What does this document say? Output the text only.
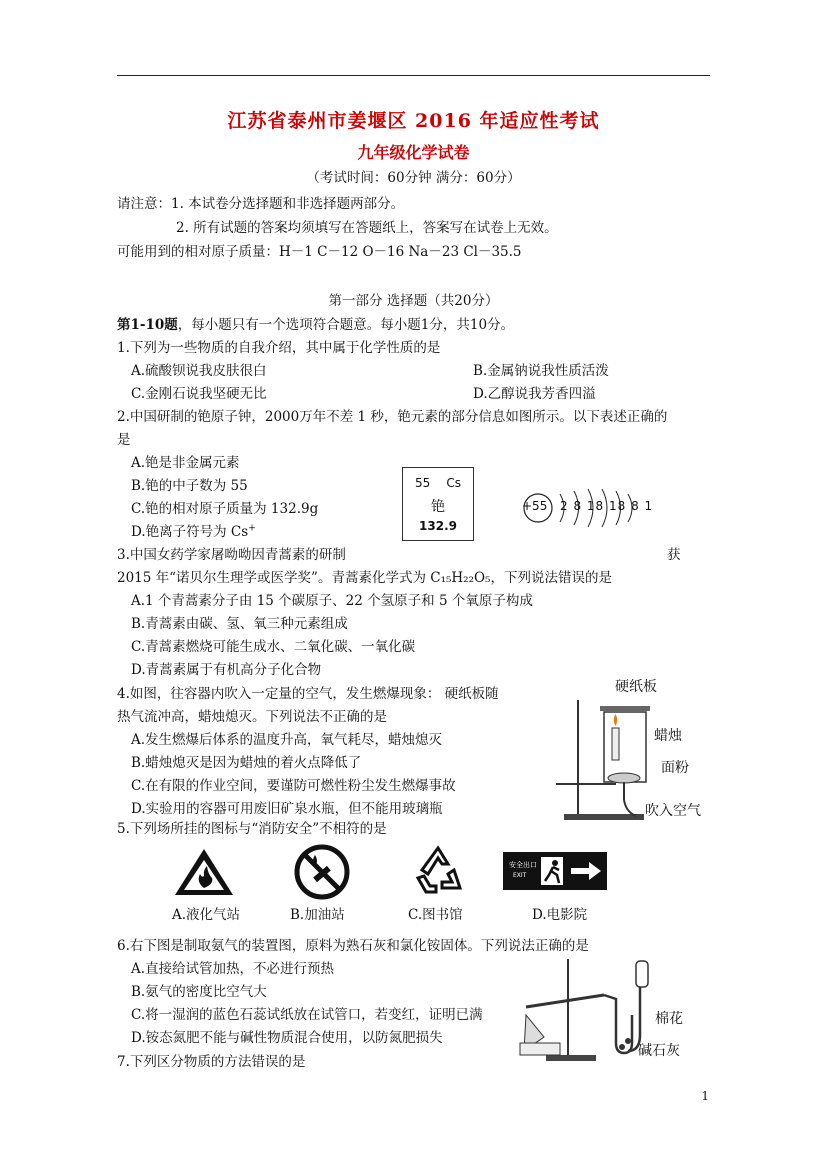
江苏省泰州市姜堰区 2016 年适应性考试
九年级化学试卷
（考试时间：60分钟 满分：60分）
请注意：1. 本试卷分选择题和非选择题两部分。
2. 所有试题的答案均须填写在答题纸上，答案写在试卷上无效。
可能用到的相对原子质量：H－1 C－12 O－16 Na－23 Cl－35.5
第一部分 选择题（共20分）
第1-10题，每小题只有一个选项符合题意。每小题1分，共10分。
1.下列为一些物质的自我介绍，其中属于化学性质的是
A.硫酸钡说我皮肤很白	B.金属钠说我性质活泼
C.金刚石说我坚硬无比	D.乙醇说我芳香四溢
2.中国研制的铯原子钟，2000万年不差 1 秒，铯元素的部分信息如图所示。以下表述正确的
是
A.铯是非金属元素
B.铯的中子数为 55
C.铯的相对原子质量为 132.9g
D.铯离子符号为 Cs+
55 Cs
铯
132.9
+55 2 8 18 18 8 1
3.中国女药学家屠呦呦因青蒿素的研制	获
2015 年“诺贝尔生理学或医学奖”。青蒿素化学式为 C₁₅H₂₂O₅，下列说法错误的是
A.1 个青蒿素分子由 15 个碳原子、22 个氢原子和 5 个氧原子构成
B.青蒿素由碳、氢、氧三种元素组成
C.青蒿素燃烧可能生成水、二氧化碳、一氧化碳
D.青蒿素属于有机高分子化合物
4.如图，往容器内吹入一定量的空气，发生燃爆现象： 硬纸板随
热气流冲高，蜡烛熄灭。下列说法不正确的是
A.发生燃爆后体系的温度升高，氧气耗尽，蜡烛熄灭
B.蜡烛熄灭是因为蜡烛的着火点降低了
C.在有限的作业空间，要谨防可燃性粉尘发生燃爆事故
D.实验用的容器可用废旧矿泉水瓶，但不能用玻璃瓶
硬纸板
蜡烛
面粉
吹入空气
5.下列场所挂的图标与“消防安全”不相符的是
安全出口
EXIT
A.液化气站	B.加油站	C.图书馆	D.电影院
6.右下图是制取氨气的装置图，原料为熟石灰和氯化铵固体。下列说法正确的是
A.直接给试管加热，不必进行预热
B.氨气的密度比空气大
C.将一湿润的蓝色石蕊试纸放在试管口，若变红，证明已满
D.铵态氮肥不能与碱性物质混合使用，以防氮肥损失
棉花
碱石灰
7.下列区分物质的方法错误的是
1
